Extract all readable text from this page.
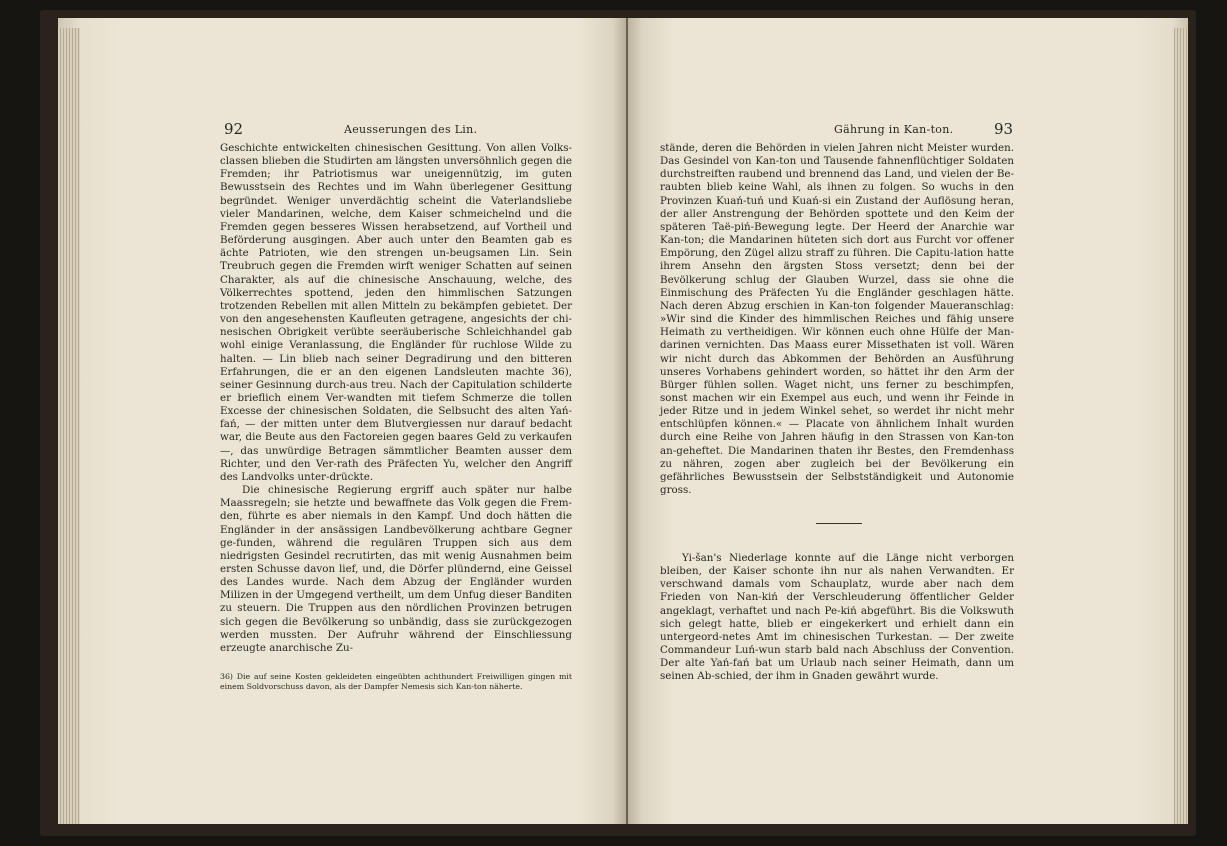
92	Aeusserungen des Lin.

Geschichte entwickelten chinesischen Gesittung. Von allen Volks-classen blieben die Studirten am längsten unversöhnlich gegen die Fremden; ihr Patriotismus war uneigennützig, im guten Bewusstsein des Rechtes und im Wahn überlegener Gesittung begründet. Weniger unverdächtig scheint die Vaterlandsliebe vieler Mandarinen, welche, dem Kaiser schmeichelnd und die Fremden gegen besseres Wissen herabsetzend, auf Vortheil und Beförderung ausgingen. Aber auch unter den Beamten gab es ächte Patrioten, wie den strengen un-beugsamen Lin. Sein Treubruch gegen die Fremden wirft weniger Schatten auf seinen Charakter, als auf die chinesische Anschauung, welche, des Völkerrechtes spottend, jeden den himmlischen Satzungen trotzenden Rebellen mit allen Mitteln zu bekämpfen gebietet. Der von den angesehensten Kaufleuten getragene, angesichts der chi-nesischen Obrigkeit verübte seeräuberische Schleichhandel gab wohl einige Veranlassung, die Engländer für ruchlose Wilde zu halten. — Lin blieb nach seiner Degradirung und den bitteren Erfahrungen, die er an den eigenen Landsleuten machte 36), seiner Gesinnung durch-aus treu. Nach der Capitulation schilderte er brieflich einem Ver-wandten mit tiefem Schmerze die tollen Excesse der chinesischen Soldaten, die Selbsucht des alten Yań-fań, — der mitten unter dem Blutvergiessen nur darauf bedacht war, die Beute aus den Factoreien gegen baares Geld zu verkaufen —, das unwürdige Betragen sämmtlicher Beamten ausser dem Richter, und den Ver-rath des Präfecten Yu, welcher den Angriff des Landvolks unter-drückte.

Die chinesische Regierung ergriff auch später nur halbe Maassregeln; sie hetzte und bewaffnete das Volk gegen die Frem-den, führte es aber niemals in den Kampf. Und doch hätten die Engländer in der ansässigen Landbevölkerung achtbare Gegner ge-funden, während die regulären Truppen sich aus dem niedrigsten Gesindel recrutirten, das mit wenig Ausnahmen beim ersten Schusse davon lief, und, die Dörfer plündernd, eine Geissel des Landes wurde. Nach dem Abzug der Engländer wurden Milizen in der Umgegend vertheilt, um dem Unfug dieser Banditen zu steuern. Die Truppen aus den nördlichen Provinzen betrugen sich gegen die Bevölkerung so unbändig, dass sie zurückgezogen werden mussten. Der Aufruhr während der Einschliessung erzeugte anarchische Zu-

36) Die auf seine Kosten gekleideten eingeübten achthundert Freiwilligen gingen mit einem Soldvorschuss davon, als der Dampfer Nemesis sich Kan-ton näherte.
Gährung in Kan-ton.	93

stände, deren die Behörden in vielen Jahren nicht Meister wurden. Das Gesindel von Kan-ton und Tausende fahnenflüchtiger Soldaten durchstreiften raubend und brennend das Land, und vielen der Be-raubten blieb keine Wahl, als ihnen zu folgen. So wuchs in den Provinzen Kuań-tuń und Kuań-si ein Zustand der Auflösung heran, der aller Anstrengung der Behörden spottete und den Keim der späteren Taë-piń-Bewegung legte. Der Heerd der Anarchie war Kan-ton; die Mandarinen hüteten sich dort aus Furcht vor offener Empörung, den Zügel allzu straff zu führen. Die Capitu-lation hatte ihrem Ansehn den ärgsten Stoss versetzt; denn bei der Bevölkerung schlug der Glauben Wurzel, dass sie ohne die Einmischung des Präfecten Yu die Engländer geschlagen hätte. Nach deren Abzug erschien in Kan-ton folgender Maueranschlag: »Wir sind die Kinder des himmlischen Reiches und fähig unsere Heimath zu vertheidigen. Wir können euch ohne Hülfe der Man-darinen vernichten. Das Maass eurer Missethaten ist voll. Wären wir nicht durch das Abkommen der Behörden an Ausführung unseres Vorhabens gehindert worden, so hättet ihr den Arm der Bürger fühlen sollen. Waget nicht, uns ferner zu beschimpfen, sonst machen wir ein Exempel aus euch, und wenn ihr Feinde in jeder Ritze und in jedem Winkel sehet, so werdet ihr nicht mehr entschlüpfen können.« — Placate von ähnlichem Inhalt wurden durch eine Reihe von Jahren häufig in den Strassen von Kan-ton an-geheftet. Die Mandarinen thaten ihr Bestes, den Fremdenhass zu nähren, zogen aber zugleich bei der Bevölkerung ein gefährliches Bewusstsein der Selbstständigkeit und Autonomie gross.

Yi-šan's Niederlage konnte auf die Länge nicht verborgen bleiben, der Kaiser schonte ihn nur als nahen Verwandten. Er verschwand damals vom Schauplatz, wurde aber nach dem Frieden von Nan-kiń der Verschleuderung öffentlicher Gelder angeklagt, verhaftet und nach Pe-kiń abgeführt. Bis die Volkswuth sich gelegt hatte, blieb er eingekerkert und erhielt dann ein untergeord-netes Amt im chinesischen Turkestan. — Der zweite Commandeur Luń-wun starb bald nach Abschluss der Convention. Der alte Yań-fań bat um Urlaub nach seiner Heimath, dann um seinen Ab-schied, der ihm in Gnaden gewährt wurde.
